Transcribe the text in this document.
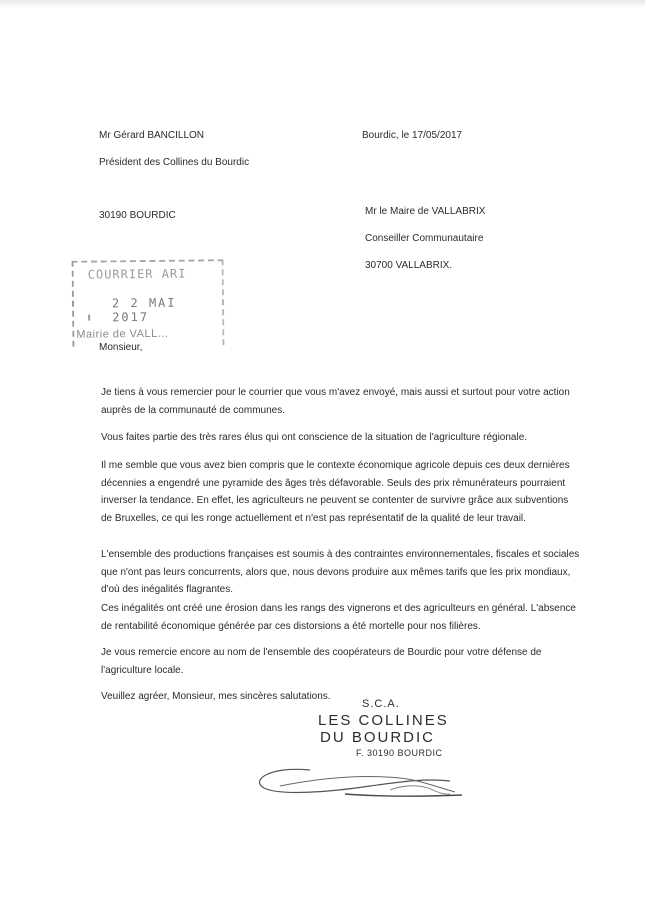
Mr Gérard BANCILLON
Président des Collines du Bourdic
30190 BOURDIC
Bourdic, le 17/05/2017
Mr le Maire de VALLABRIX
Conseiller Communautaire
30700 VALLABRIX.
COURRIER ARI
2 2 MAI 2017
Mairie de VALL...
Monsieur,
Je tiens à vous remercier pour le courrier que vous m'avez envoyé, mais aussi et surtout pour votre action auprès de la communauté de communes.
Vous faites partie des très rares élus qui ont conscience de la situation de l'agriculture régionale.
Il me semble que vous avez bien compris que le contexte économique agricole depuis ces deux dernières décennies a engendré une pyramide des âges très défavorable. Seuls des prix rémunérateurs pourraient inverser la tendance. En effet, les agriculteurs ne peuvent se contenter de survivre grâce aux subventions de Bruxelles, ce qui les ronge actuellement et n'est pas représentatif de la qualité de leur travail.
L'ensemble des productions françaises est soumis à des contraintes environnementales, fiscales et sociales que n'ont pas leurs concurrents, alors que, nous devons produire aux mêmes tarifs que les prix mondiaux, d'où des inégalités flagrantes.
Ces inégalités ont créé une érosion dans les rangs des vignerons et des agriculteurs en général. L'absence de rentabilité économique générée par ces distorsions a été mortelle pour nos filières.
Je vous remercie encore au nom de l'ensemble des coopérateurs de Bourdic pour votre défense de l'agriculture locale.
Veuillez agréer, Monsieur, mes sincères salutations.
S.C.A.
LES COLLINES
DU BOURDIC
F. 30190 BOURDIC
